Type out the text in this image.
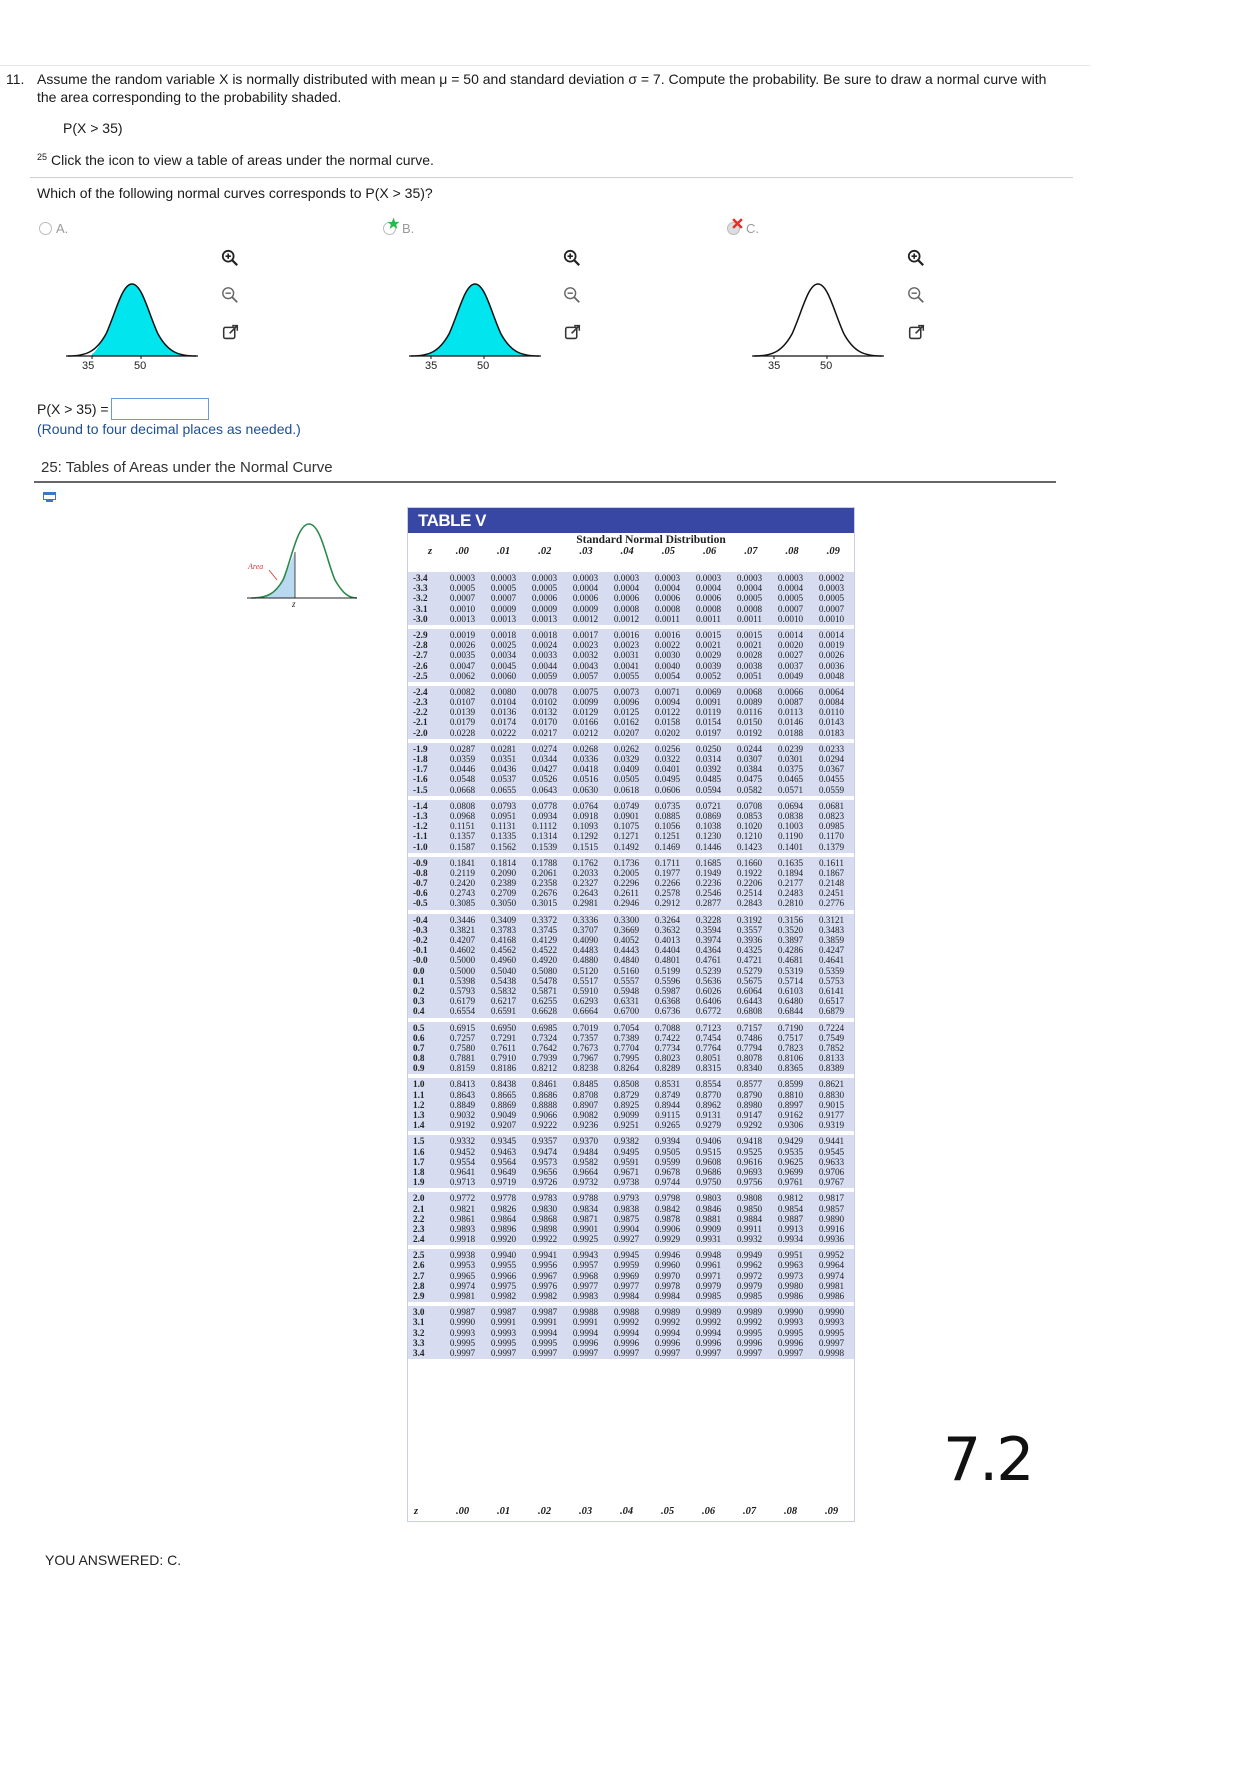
11. Assume the random variable X is normally distributed with mean μ = 50 and standard deviation σ = 7. Compute the probability. Be sure to draw a normal curve with the area corresponding to the probability shaded.
P(X > 35)
$^{25}$ Click the icon to view a table of areas under the normal curve.
Which of the following normal curves corresponds to P(X > 35)?
A.	B.	C.
35	50	35	50	35	50
P(X > 35) =
(Round to four decimal places as needed.)
25: Tables of Areas under the Normal Curve
Area
z
TABLE V
Standard Normal Distribution
z	.00	.01	.02	.03	.04	.05	.06	.07	.08	.09
-3.4	0.0003	0.0003	0.0003	0.0003	0.0003	0.0003	0.0003	0.0003	0.0003	0.0002
-3.3	0.0005	0.0005	0.0005	0.0004	0.0004	0.0004	0.0004	0.0004	0.0004	0.0003
-3.2	0.0007	0.0007	0.0006	0.0006	0.0006	0.0006	0.0006	0.0005	0.0005	0.0005
-3.1	0.0010	0.0009	0.0009	0.0009	0.0008	0.0008	0.0008	0.0008	0.0007	0.0007
-3.0	0.0013	0.0013	0.0013	0.0012	0.0012	0.0011	0.0011	0.0011	0.0010	0.0010
-2.9	0.0019	0.0018	0.0018	0.0017	0.0016	0.0016	0.0015	0.0015	0.0014	0.0014
-2.8	0.0026	0.0025	0.0024	0.0023	0.0023	0.0022	0.0021	0.0021	0.0020	0.0019
-2.7	0.0035	0.0034	0.0033	0.0032	0.0031	0.0030	0.0029	0.0028	0.0027	0.0026
-2.6	0.0047	0.0045	0.0044	0.0043	0.0041	0.0040	0.0039	0.0038	0.0037	0.0036
-2.5	0.0062	0.0060	0.0059	0.0057	0.0055	0.0054	0.0052	0.0051	0.0049	0.0048
-2.4	0.0082	0.0080	0.0078	0.0075	0.0073	0.0071	0.0069	0.0068	0.0066	0.0064
-2.3	0.0107	0.0104	0.0102	0.0099	0.0096	0.0094	0.0091	0.0089	0.0087	0.0084
-2.2	0.0139	0.0136	0.0132	0.0129	0.0125	0.0122	0.0119	0.0116	0.0113	0.0110
-2.1	0.0179	0.0174	0.0170	0.0166	0.0162	0.0158	0.0154	0.0150	0.0146	0.0143
-2.0	0.0228	0.0222	0.0217	0.0212	0.0207	0.0202	0.0197	0.0192	0.0188	0.0183
-1.9	0.0287	0.0281	0.0274	0.0268	0.0262	0.0256	0.0250	0.0244	0.0239	0.0233
-1.8	0.0359	0.0351	0.0344	0.0336	0.0329	0.0322	0.0314	0.0307	0.0301	0.0294
-1.7	0.0446	0.0436	0.0427	0.0418	0.0409	0.0401	0.0392	0.0384	0.0375	0.0367
-1.6	0.0548	0.0537	0.0526	0.0516	0.0505	0.0495	0.0485	0.0475	0.0465	0.0455
-1.5	0.0668	0.0655	0.0643	0.0630	0.0618	0.0606	0.0594	0.0582	0.0571	0.0559
-1.4	0.0808	0.0793	0.0778	0.0764	0.0749	0.0735	0.0721	0.0708	0.0694	0.0681
-1.3	0.0968	0.0951	0.0934	0.0918	0.0901	0.0885	0.0869	0.0853	0.0838	0.0823
-1.2	0.1151	0.1131	0.1112	0.1093	0.1075	0.1056	0.1038	0.1020	0.1003	0.0985
-1.1	0.1357	0.1335	0.1314	0.1292	0.1271	0.1251	0.1230	0.1210	0.1190	0.1170
-1.0	0.1587	0.1562	0.1539	0.1515	0.1492	0.1469	0.1446	0.1423	0.1401	0.1379
-0.9	0.1841	0.1814	0.1788	0.1762	0.1736	0.1711	0.1685	0.1660	0.1635	0.1611
-0.8	0.2119	0.2090	0.2061	0.2033	0.2005	0.1977	0.1949	0.1922	0.1894	0.1867
-0.7	0.2420	0.2389	0.2358	0.2327	0.2296	0.2266	0.2236	0.2206	0.2177	0.2148
-0.6	0.2743	0.2709	0.2676	0.2643	0.2611	0.2578	0.2546	0.2514	0.2483	0.2451
-0.5	0.3085	0.3050	0.3015	0.2981	0.2946	0.2912	0.2877	0.2843	0.2810	0.2776
-0.4	0.3446	0.3409	0.3372	0.3336	0.3300	0.3264	0.3228	0.3192	0.3156	0.3121
-0.3	0.3821	0.3783	0.3745	0.3707	0.3669	0.3632	0.3594	0.3557	0.3520	0.3483
-0.2	0.4207	0.4168	0.4129	0.4090	0.4052	0.4013	0.3974	0.3936	0.3897	0.3859
-0.1	0.4602	0.4562	0.4522	0.4483	0.4443	0.4404	0.4364	0.4325	0.4286	0.4247
-0.0	0.5000	0.4960	0.4920	0.4880	0.4840	0.4801	0.4761	0.4721	0.4681	0.4641
0.0	0.5000	0.5040	0.5080	0.5120	0.5160	0.5199	0.5239	0.5279	0.5319	0.5359
0.1	0.5398	0.5438	0.5478	0.5517	0.5557	0.5596	0.5636	0.5675	0.5714	0.5753
0.2	0.5793	0.5832	0.5871	0.5910	0.5948	0.5987	0.6026	0.6064	0.6103	0.6141
0.3	0.6179	0.6217	0.6255	0.6293	0.6331	0.6368	0.6406	0.6443	0.6480	0.6517
0.4	0.6554	0.6591	0.6628	0.6664	0.6700	0.6736	0.6772	0.6808	0.6844	0.6879
0.5	0.6915	0.6950	0.6985	0.7019	0.7054	0.7088	0.7123	0.7157	0.7190	0.7224
0.6	0.7257	0.7291	0.7324	0.7357	0.7389	0.7422	0.7454	0.7486	0.7517	0.7549
0.7	0.7580	0.7611	0.7642	0.7673	0.7704	0.7734	0.7764	0.7794	0.7823	0.7852
0.8	0.7881	0.7910	0.7939	0.7967	0.7995	0.8023	0.8051	0.8078	0.8106	0.8133
0.9	0.8159	0.8186	0.8212	0.8238	0.8264	0.8289	0.8315	0.8340	0.8365	0.8389
1.0	0.8413	0.8438	0.8461	0.8485	0.8508	0.8531	0.8554	0.8577	0.8599	0.8621
1.1	0.8643	0.8665	0.8686	0.8708	0.8729	0.8749	0.8770	0.8790	0.8810	0.8830
1.2	0.8849	0.8869	0.8888	0.8907	0.8925	0.8944	0.8962	0.8980	0.8997	0.9015
1.3	0.9032	0.9049	0.9066	0.9082	0.9099	0.9115	0.9131	0.9147	0.9162	0.9177
1.4	0.9192	0.9207	0.9222	0.9236	0.9251	0.9265	0.9279	0.9292	0.9306	0.9319
1.5	0.9332	0.9345	0.9357	0.9370	0.9382	0.9394	0.9406	0.9418	0.9429	0.9441
1.6	0.9452	0.9463	0.9474	0.9484	0.9495	0.9505	0.9515	0.9525	0.9535	0.9545
1.7	0.9554	0.9564	0.9573	0.9582	0.9591	0.9599	0.9608	0.9616	0.9625	0.9633
1.8	0.9641	0.9649	0.9656	0.9664	0.9671	0.9678	0.9686	0.9693	0.9699	0.9706
1.9	0.9713	0.9719	0.9726	0.9732	0.9738	0.9744	0.9750	0.9756	0.9761	0.9767
2.0	0.9772	0.9778	0.9783	0.9788	0.9793	0.9798	0.9803	0.9808	0.9812	0.9817
2.1	0.9821	0.9826	0.9830	0.9834	0.9838	0.9842	0.9846	0.9850	0.9854	0.9857
2.2	0.9861	0.9864	0.9868	0.9871	0.9875	0.9878	0.9881	0.9884	0.9887	0.9890
2.3	0.9893	0.9896	0.9898	0.9901	0.9904	0.9906	0.9909	0.9911	0.9913	0.9916
2.4	0.9918	0.9920	0.9922	0.9925	0.9927	0.9929	0.9931	0.9932	0.9934	0.9936
2.5	0.9938	0.9940	0.9941	0.9943	0.9945	0.9946	0.9948	0.9949	0.9951	0.9952
2.6	0.9953	0.9955	0.9956	0.9957	0.9959	0.9960	0.9961	0.9962	0.9963	0.9964
2.7	0.9965	0.9966	0.9967	0.9968	0.9969	0.9970	0.9971	0.9972	0.9973	0.9974
2.8	0.9974	0.9975	0.9976	0.9977	0.9977	0.9978	0.9979	0.9979	0.9980	0.9981
2.9	0.9981	0.9982	0.9982	0.9983	0.9984	0.9984	0.9985	0.9985	0.9986	0.9986
3.0	0.9987	0.9987	0.9987	0.9988	0.9988	0.9989	0.9989	0.9989	0.9990	0.9990
3.1	0.9990	0.9991	0.9991	0.9991	0.9992	0.9992	0.9992	0.9992	0.9993	0.9993
3.2	0.9993	0.9993	0.9994	0.9994	0.9994	0.9994	0.9994	0.9995	0.9995	0.9995
3.3	0.9995	0.9995	0.9995	0.9996	0.9996	0.9996	0.9996	0.9996	0.9996	0.9997
3.4	0.9997	0.9997	0.9997	0.9997	0.9997	0.9997	0.9997	0.9997	0.9997	0.9998
z	.00	.01	.02	.03	.04	.05	.06	.07	.08	.09
7.2
YOU ANSWERED: C.
